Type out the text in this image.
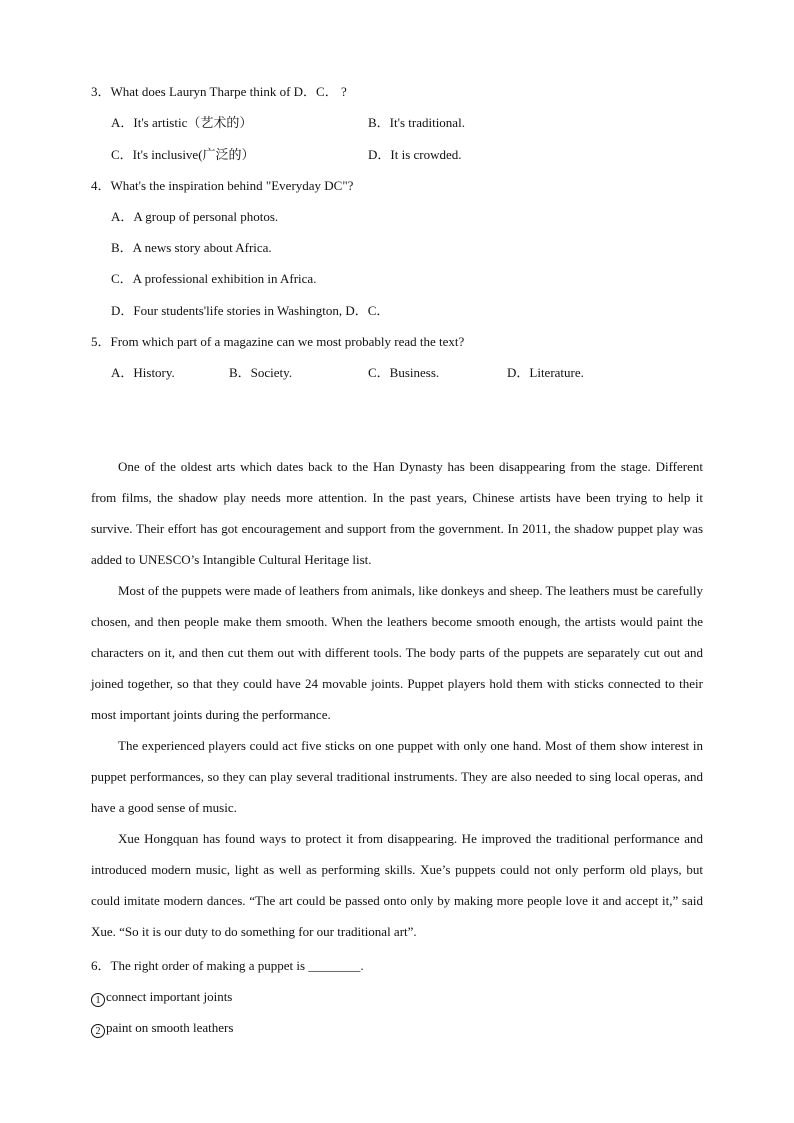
3．What does Lauryn Tharpe think of D．C． ?
A．It's artistic（艺术的）	B．It's traditional.
C．It's inclusive(广泛的）	D．It is crowded.
4．What's the inspiration behind "Everyday DC"?
A．A group of personal photos.
B．A news story about Africa.
C．A professional exhibition in Africa.
D．Four students'life stories in Washington, D．C．
5．From which part of a magazine can we most probably read the text?
A．History.	B．Society.	C．Business.	D．Literature.

One of the oldest arts which dates back to the Han Dynasty has been disappearing from the stage. Different from films, the shadow play needs more attention. In the past years, Chinese artists have been trying to help it survive. Their effort has got encouragement and support from the government. In 2011, the shadow puppet play was added to UNESCO’s Intangible Cultural Heritage list.

Most of the puppets were made of leathers from animals, like donkeys and sheep. The leathers must be carefully chosen, and then people make them smooth. When the leathers become smooth enough, the artists would paint the characters on it, and then cut them out with different tools. The body parts of the puppets are separately cut out and joined together, so that they could have 24 movable joints. Puppet players hold them with sticks connected to their most important joints during the performance.

The experienced players could act five sticks on one puppet with only one hand. Most of them show interest in puppet performances, so they can play several traditional instruments. They are also needed to sing local operas, and have a good sense of music.

Xue Hongquan has found ways to protect it from disappearing. He improved the traditional performance and introduced modern music, light as well as performing skills. Xue’s puppets could not only perform old plays, but could imitate modern dances. “The art could be passed onto only by making more people love it and accept it,” said Xue. “So it is our duty to do something for our traditional art”.

6．The right order of making a puppet is ________.
1 connect important joints
2 paint on smooth leathers
